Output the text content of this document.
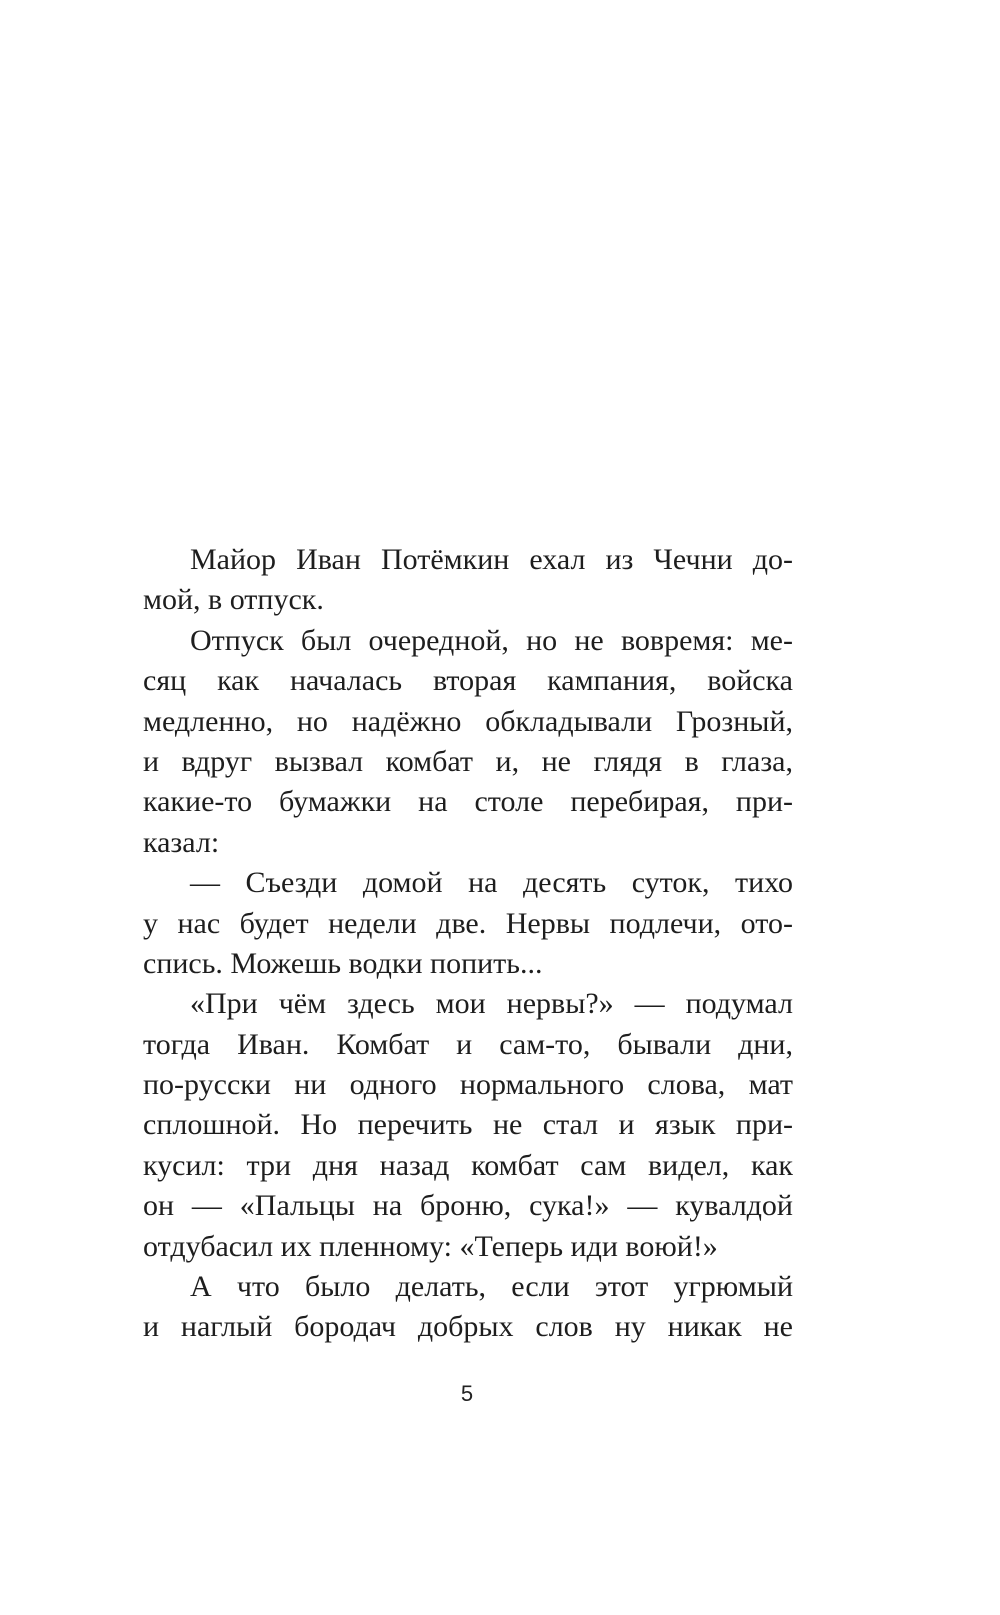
Майор Иван Потёмкин ехал из Чечни до-
мой, в отпуск.
Отпуск был очередной, но не вовремя: ме-
сяц как началась вторая кампания, войска
медленно, но надёжно обкладывали Грозный,
и вдруг вызвал комбат и, не глядя в глаза,
какие-то бумажки на столе перебирая, при-
казал:
— Съезди домой на десять суток, тихо
у нас будет недели две. Нервы подлечи, ото-
спись. Можешь водки попить...
«При чём здесь мои нервы?» — подумал
тогда Иван. Комбат и сам-то, бывали дни,
по-русски ни одного нормального слова, мат
сплошной. Но перечить не стал и язык при-
кусил: три дня назад комбат сам видел, как
он — «Пальцы на броню, сука!» — кувалдой
отдубасил их пленному: «Теперь иди воюй!»
А что было делать, если этот угрюмый
и наглый бородач добрых слов ну никак не
5
